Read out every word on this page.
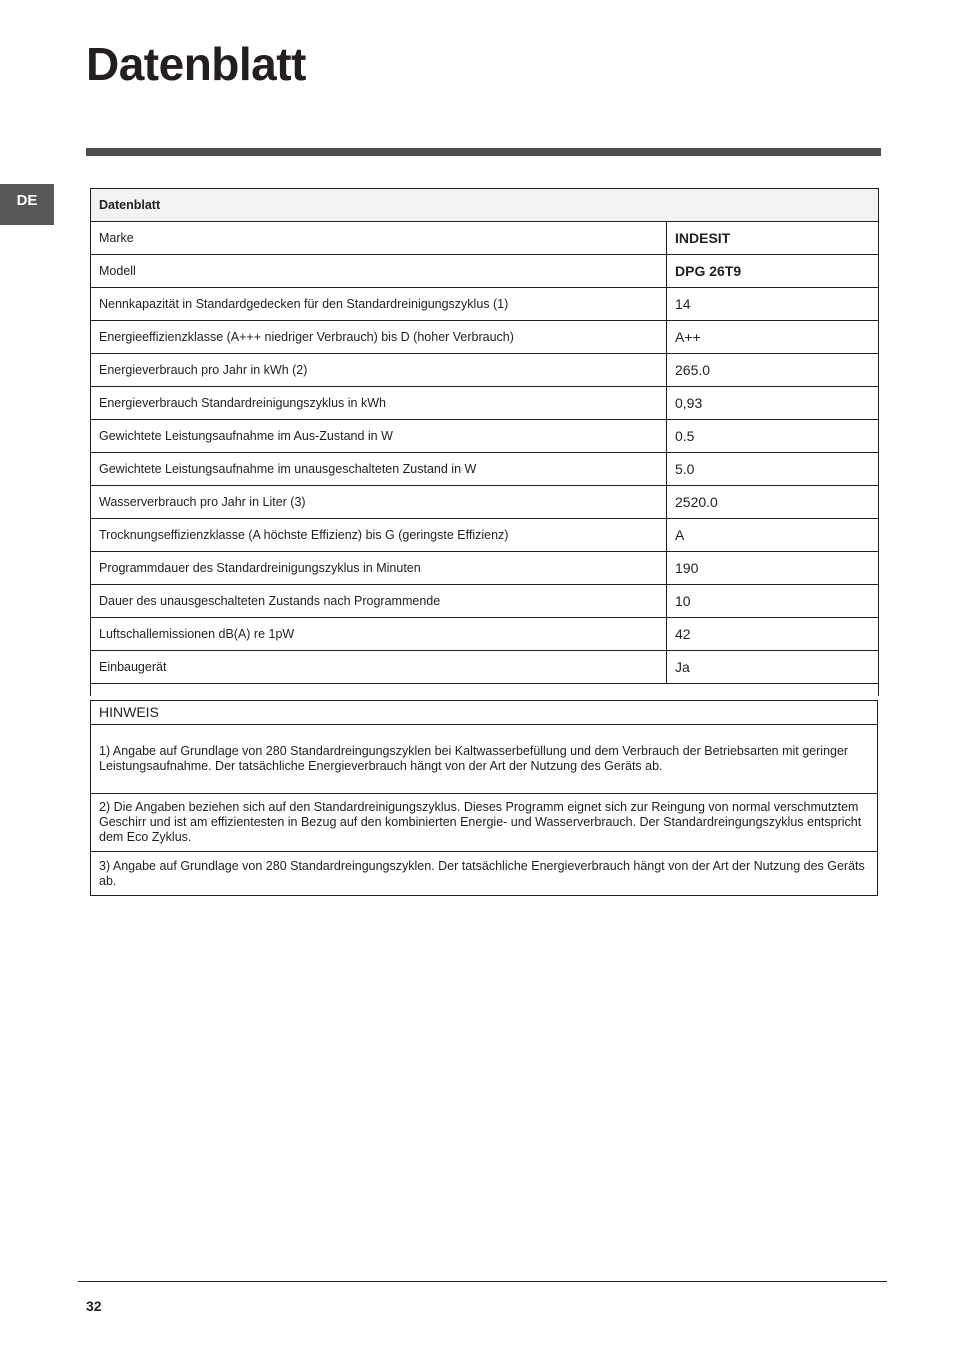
Datenblatt
DE	Datenblatt	
Marke	INDESIT
Modell	DPG 26T9
Nennkapazität in Standardgedecken für den Standardreinigungszyklus (1)	14
Energieeffizienzklasse (A+++ niedriger Verbrauch) bis D (hoher Verbrauch)	A++
Energieverbrauch pro Jahr in kWh (2)	265.0
Energieverbrauch Standardreinigungszyklus in kWh	0,93
Gewichtete Leistungsaufnahme im Aus-Zustand in W	0.5
Gewichtete Leistungsaufnahme im unausgeschalteten Zustand in W	5.0
Wasserverbrauch pro Jahr in Liter (3)	2520.0
Trocknungseffizienzklasse (A höchste Effizienz) bis G (geringste Effizienz)	A
Programmdauer des Standardreinigungszyklus in Minuten	190
Dauer des unausgeschalteten Zustands nach Programmende	10
Luftschallemissionen dB(A) re 1pW	42
Einbaugerät	Ja

HINWEIS
1) Angabe auf Grundlage von 280 Standardreingungszyklen bei Kaltwasserbefüllung und dem Verbrauch der Betriebsarten mit geringer Leistungsaufnahme. Der tatsächliche Energieverbrauch hängt von der Art der Nutzung des Geräts ab.
2) Die Angaben beziehen sich auf den Standardreinigungszyklus. Dieses Programm eignet sich zur Reingung von normal verschmutztem Geschirr und ist am effizientesten in Bezug auf den kombinierten Energie- und Wasserverbrauch. Der Standardreingungszyklus entspricht dem Eco Zyklus.
3) Angabe auf Grundlage von 280 Standardreingungszyklen. Der tatsächliche Energieverbrauch hängt von der Art der Nutzung des Geräts ab.
32
